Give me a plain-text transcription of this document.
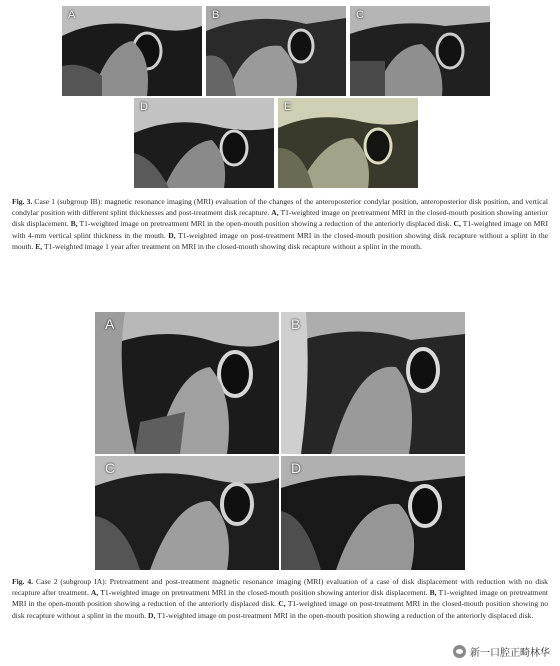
A	B	C
D	E
Fig. 3. Case 1 (subgroup IB): magnetic resonance imaging (MRI) evaluation of the changes of the anteroposterior condylar position, anteroposterior disk position, and vertical condylar position with different splint thicknesses and post-treatment disk recapture. A, T1-weighted image on pretreatment MRI in the closed-mouth position showing anterior disk displacement. B, T1-weighted image on pretreatment MRI in the open-mouth position showing a reduction of the anteriorly displaced disk. C, T1-weighted image on MRI with 4-mm vertical splint thickness in the mouth. D, T1-weighted image on post-treatment MRI in the closed-mouth position showing disk recapture without a splint in the mouth. E, T1-weighted image 1 year after treatment on MRI in the closed-mouth showing disk recapture without a splint in the mouth.
A	B
C	D
Fig. 4. Case 2 (subgroup IA): Pretreatment and post-treatment magnetic resonance imaging (MRI) evaluation of a case of disk displacement with reduction with no disk recapture after treatment. A, T1-weighted image on pretreatment MRI in the closed-mouth position showing anterior disk displacement. B, T1-weighted image on pretreatment MRI in the open-mouth position showing a reduction of the anteriorly displaced disk. C, T1-weighted image on post-treatment MRI in the closed-mouth position showing no disk recapture without a splint in the mouth. D, T1-weighted image on post-treatment MRI in the open-mouth position showing a reduction of the anteriorly displaced disk.
新一口腔正畸林华
